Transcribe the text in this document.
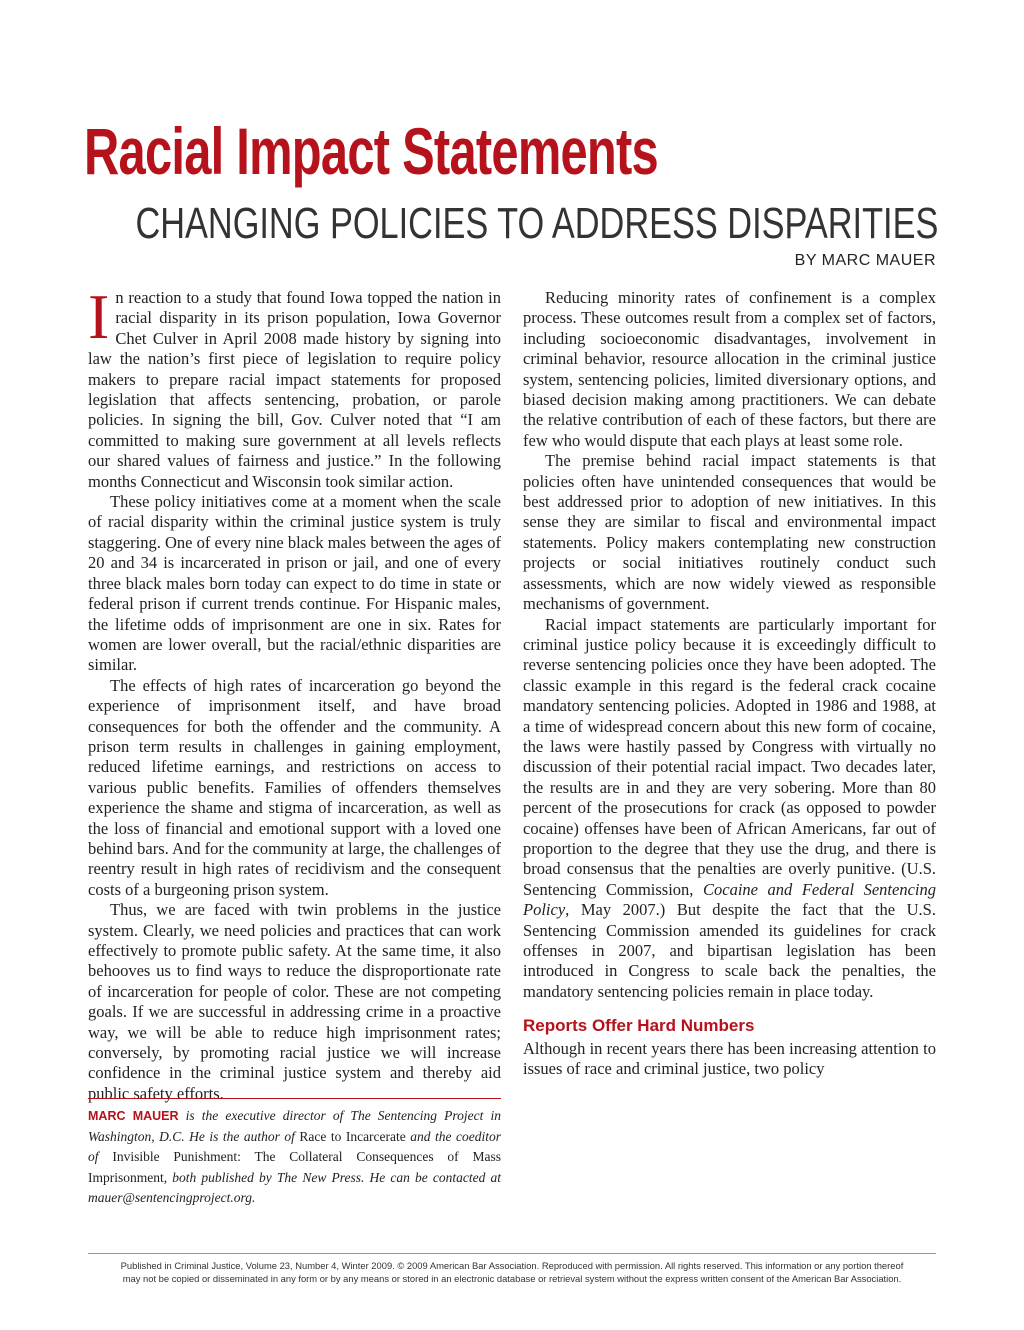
Racial Impact Statements
CHANGING POLICIES TO ADDRESS DISPARITIES
BY MARC MAUER

In reaction to a study that found Iowa topped the nation in racial disparity in its prison population, Iowa Governor Chet Culver in April 2008 made history by signing into law the nation’s first piece of legislation to require policy makers to prepare racial impact statements for proposed legislation that affects sentencing, probation, or parole policies. In signing the bill, Gov. Culver noted that “I am committed to making sure government at all levels reflects our shared values of fairness and justice.” In the following months Connecticut and Wisconsin took similar action.

These policy initiatives come at a moment when the scale of racial disparity within the criminal justice system is truly staggering. One of every nine black males between the ages of 20 and 34 is incarcerated in prison or jail, and one of every three black males born today can expect to do time in state or federal prison if current trends continue. For Hispanic males, the lifetime odds of imprisonment are one in six. Rates for women are lower overall, but the racial/ethnic disparities are similar.

The effects of high rates of incarceration go beyond the experience of imprisonment itself, and have broad consequences for both the offender and the community. A prison term results in challenges in gaining employment, reduced lifetime earnings, and restrictions on access to various public benefits. Families of offenders themselves experience the shame and stigma of incarceration, as well as the loss of financial and emotional support with a loved one behind bars. And for the community at large, the challenges of reentry result in high rates of recidivism and the consequent costs of a burgeoning prison system.

Thus, we are faced with twin problems in the justice system. Clearly, we need policies and practices that can work effectively to promote public safety. At the same time, it also behooves us to find ways to reduce the disproportionate rate of incarceration for people of color. These are not competing goals. If we are successful in addressing crime in a proactive way, we will be able to reduce high imprisonment rates; conversely, by promoting racial justice we will increase confidence in the criminal justice system and thereby aid public safety efforts.

Reducing minority rates of confinement is a complex process. These outcomes result from a complex set of factors, including socioeconomic disadvantages, involvement in criminal behavior, resource allocation in the criminal justice system, sentencing policies, limited diversionary options, and biased decision making among practitioners. We can debate the relative contribution of each of these factors, but there are few who would dispute that each plays at least some role.

The premise behind racial impact statements is that policies often have unintended consequences that would be best addressed prior to adoption of new initiatives. In this sense they are similar to fiscal and environmental impact statements. Policy makers contemplating new construction projects or social initiatives routinely conduct such assessments, which are now widely viewed as responsible mechanisms of government.

Racial impact statements are particularly important for criminal justice policy because it is exceedingly difficult to reverse sentencing policies once they have been adopted. The classic example in this regard is the federal crack cocaine mandatory sentencing policies. Adopted in 1986 and 1988, at a time of widespread concern about this new form of cocaine, the laws were hastily passed by Congress with virtually no discussion of their potential racial impact. Two decades later, the results are in and they are very sobering. More than 80 percent of the prosecutions for crack (as opposed to powder cocaine) offenses have been of African Americans, far out of proportion to the degree that they use the drug, and there is broad consensus that the penalties are overly punitive. (U.S. Sentencing Commission, Cocaine and Federal Sentencing Policy, May 2007.) But despite the fact that the U.S. Sentencing Commission amended its guidelines for crack offenses in 2007, and bipartisan legislation has been introduced in Congress to scale back the penalties, the mandatory sentencing policies remain in place today.

Reports Offer Hard Numbers

Although in recent years there has been increasing attention to issues of race and criminal justice, two policy

MARC MAUER is the executive director of The Sentencing Project in Washington, D.C. He is the author of Race to Incarcerate and the coeditor of Invisible Punishment: The Collateral Consequences of Mass Imprisonment, both published by The New Press. He can be contacted at mauer@sentencingproject.org.
Published in Criminal Justice, Volume 23, Number 4, Winter 2009. © 2009 American Bar Association. Reproduced with permission. All rights reserved. This information or any portion thereof
may not be copied or disseminated in any form or by any means or stored in an electronic database or retrieval system without the express written consent of the American Bar Association.
